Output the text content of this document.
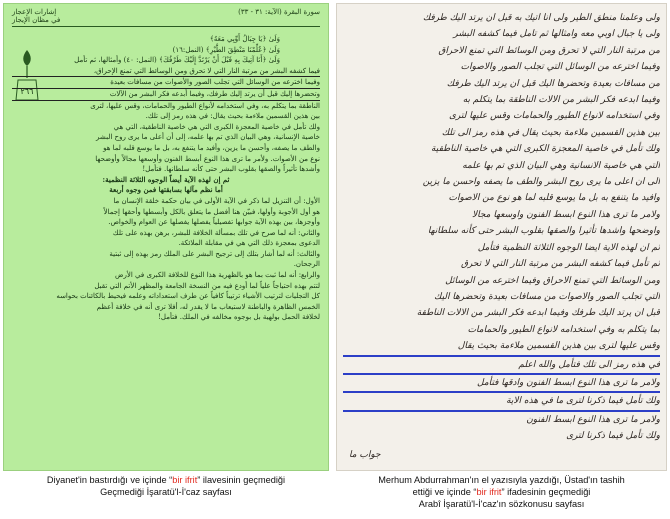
سورة البقرة (الآية: ٣١ - ٣٣)
إشارات الإعجاز
في مظان الإيجاز
٢٦٦

وَلَىٰ ﴿يَا جِبَالُ أَوِّبِي مَعَهُ﴾

وَلَىٰ ﴿عُلِّمْنَا مَنْطِقَ الطَّيْرِ﴾ (النمل:١٦)

وَلَىٰ ﴿أَنَا آتِيكَ بِهِ قَبْلَ أَنْ يَرْتَدَّ إِلَيْكَ طَرْفُكَ﴾ (النمل: ٤٠) وأمثالها، ثم تأمل

فيما كشفه البشر من مرتبة النار التي لا تحرق ومن الوسائط التي تمنع الإحراق،

وفيما اخترعه من الوسائل التي تجلب الصور والأصوات من مسافات بعيدة

وتحضرها إليك قبل أن يرتد إليك طرفك، وفيما أبدعه فكر البشر من الآلات

الناطقة بما يتكلم به، وفي استخدامه لأنواع الطيور والحمامات، وقس عليها، لترى

بين هذين القسمين ملاءمة بحيث يقال: في هذه رمز إلى تلك.

ولك تأمل في خاصية المعجزة الكبرى التي هي خاصية الناطقية، التي هي

خاصية الإنسانية، وهي البيان الذي تم بها علمه، إلى أن أعلى ما يرى روح البشر

والطف ما يصفه، وأحسن ما يزين، وأفيد ما يتنفع به، بل ما يوسع قلبه لما هو

نوع من الأصوات. ولأمر ما ترى هذا النوع أبسط الفنون وأوسعها مجالاً وأوضحها

وأشدها تأثيراً والصقها بقلوب البشر حتى كأنه سلطانها. فتأمل!

ثم إن لهذه الآية أيضاً الوجوه الثلاثة النظمية:

أما نظم مآلها بسابقتها فمن وجوه أربعة

الأول: أن التنزيل لما ذكر في الآية الأولى في بيان حكمة خلقة الإنسان ما

هو أول الأجوبة وأولها، فبيّن هنا أفضل ما يتعلق بالكل وأبسطها وأحقها إجمالاً

وأوجزها، بين بهذه الآية جوابها تفصيلياً يفصلها يفصلها عن العوام والخواص.

والثاني: أنه لما صرح في تلك بمسألة الخلافة للبشر، برهن بهذه على تلك

الدعوى بمعجزة ذلك التي هي في مقابلة الملائكة.

والثالث: أنه لما أشار بتلك إلى ترجيح البشر على الملك رمز بهذه إلى ثبتية

الرجحان.

والرابع: أنه لما ثبت بما هو بالظهرية هذا النوع للخلافة الكبرى في الأرض

لتتم بهذه احتياجاً علياً لما أودع فيه من النسخة الجامعة والمظهر الأتم التي تقبل

كل التجليات لترتيب الأشياء ترتيباً كافياً عن طرف استعداداته وعلمه فيحيط بالكائنات بحواسه

الخمس الظاهرة والباطنة لاستيعاب ما لا يقدر له، أفلا ترى أنه في خلافة أعظم

لخلافة الحمل بولهية بل بوجوه مخالفه في الملك. فتأمل!

ولى وعلمنا منطق الطير ولى انا اتيك به قبل ان يرتد اليك طرفك

ولى يا جبال اوبي معه وامثالها ثم تامل فيما كشفه البشر

من مرتبة النار التي لا تحرق ومن الوسائط التي تمنع الاحراق

وفيما اخترعه من الوسائل التي تجلب الصور والاصوات

من مسافات بعيدة وتحضرها اليك قبل ان يرتد اليك طرفك

وفيما ابدعه فكر البشر من الالات الناطقة بما يتكلم به

وفي استخدامه لانواع الطيور والحمامات وقس عليها لترى

بين هذين القسمين ملاءمة بحيث يقال في هذه رمز الى تلك

ولك تأمل في خاصية المعجزة الكبرى التي هي خاصية الناطقية

التي هي خاصية الانسانية وهي البيان الذي تم بها علمه

الى ان اعلى ما يرى روح البشر والطف ما يصفه واحسن ما يزين

وافيد ما يتنفع به بل ما يوسع قلبه لما هو نوع من الاصوات

ولامر ما ترى هذا النوع ابسط الفنون واوسعها مجالا

واوضحها واشدها تأثيرا والصقها بقلوب البشر حتى كأنه سلطانها

ثم ان لهذه الاية ايضا الوجوه الثلاثة النظمية فتأمل

ثم تأمل فيما كشفه البشر من مرتبة النار التي لا تحرق

ومن الوسائط التي تمنع الاحراق وفيما اخترعه من الوسائل

التي تجلب الصور والاصوات من مسافات بعيدة وتحضرها اليك

قبل ان يرتد اليك طرفك وفيما ابدعه فكر البشر من الالات الناطقة

بما يتكلم به وفي استخدامه لانواع الطيور والحمامات

وقس عليها لترى بين هذين القسمين ملاءمة بحيث يقال

في هذه رمز الى تلك فتأمل والله اعلم

ولامر ما ترى هذا النوع ابسط الفنون وادقها فتأمل

ولك تأمل فيما ذكرنا لترى ما في هذه الاية

ولامر ما ترى هذا النوع ابسط الفنون

ولك تأمل فيما ذكرنا لترى

جواب ما
Diyanet'in bastırdığı ve içinde “bir ifrit” ilavesinin geçmediği
Geçmediği İşaratü'l-İ'caz sayfası
Merhum Abdurrahman'ın el yazısıyla yazdığı, Üstad'ın tashih
ettiği ve içinde “bir ifrit” ifadesinin geçmediği
Arabî İşaratü'l-İ'caz'ın sözkonusu sayfası
